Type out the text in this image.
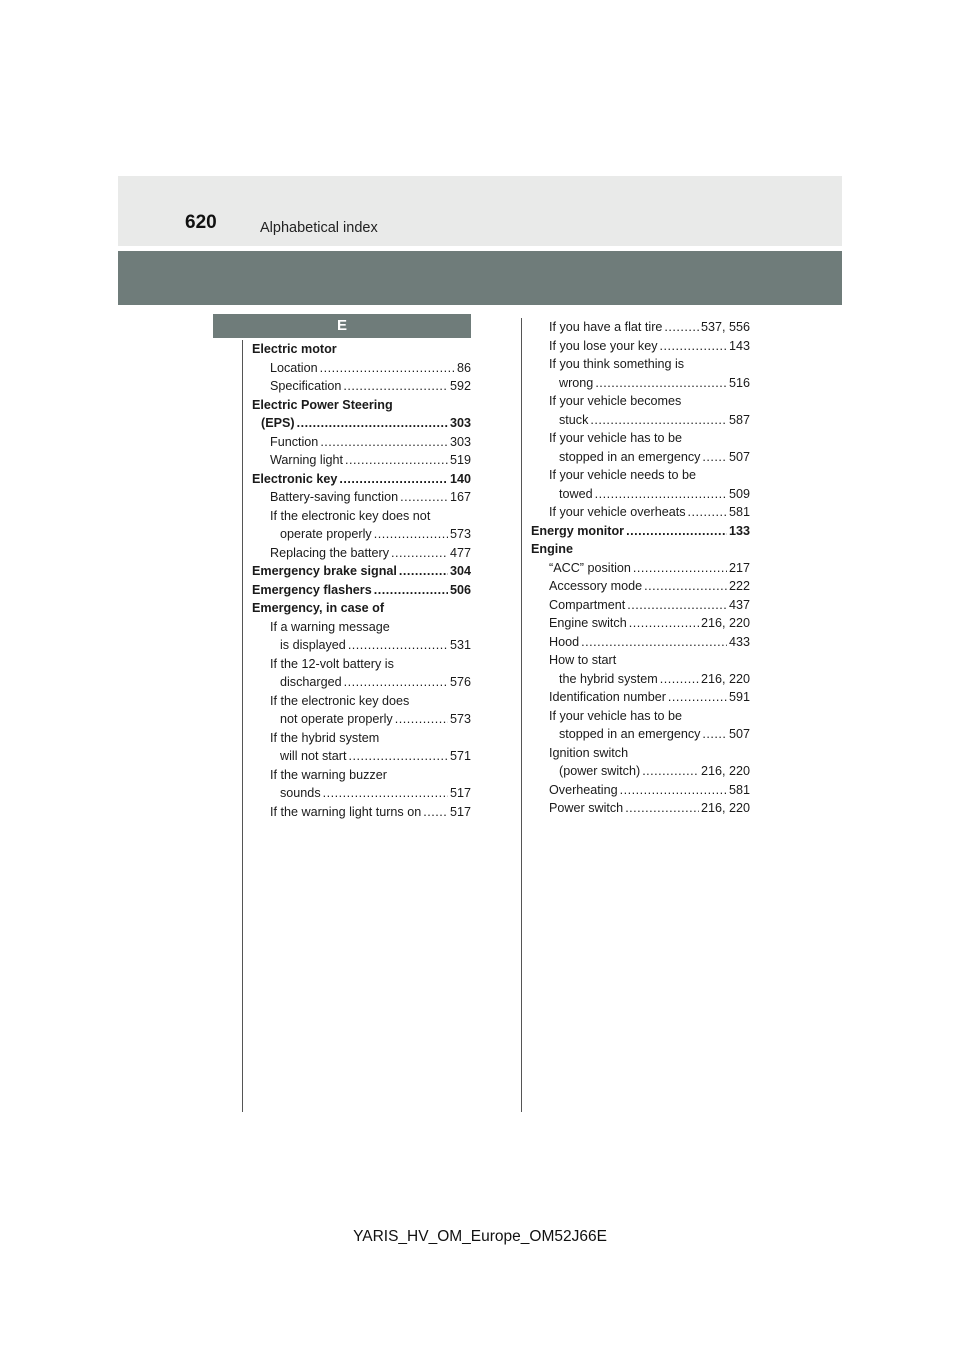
620	Alphabetical index
E
Electric motor
Location .....	86
Specification .....	592
Electric Power Steering
(EPS) .....	303
Function .....	303
Warning light .....	519
Electronic key .....	140
Battery-saving function .....	167
If the electronic key does not
operate properly .....	573
Replacing the battery .....	477
Emergency brake signal .....	304
Emergency flashers .....	506
Emergency, in case of
If a warning message
is displayed .....	531
If the 12-volt battery is
discharged .....	576
If the electronic key does
not operate properly .....	573
If the hybrid system
will not start .....	571
If the warning buzzer
sounds .....	517
If the warning light turns on ..... 517
If you have a flat tire .....	537, 556
If you lose your key .....	143
If you think something is
wrong .....	516
If your vehicle becomes
stuck .....	587
If your vehicle has to be
stopped in an emergency ..... 507
If your vehicle needs to be
towed .....	509
If your vehicle overheats .....	581
Energy monitor .....	133
Engine
“ACC” position .....	217
Accessory mode .....	222
Compartment .....	437
Engine switch .....	216, 220
Hood .....	433
How to start
the hybrid system .....	216, 220
Identification number .....	591
If your vehicle has to be
stopped in an emergency ..... 507
Ignition switch
(power switch) .....	216, 220
Overheating .....	581
Power switch .....	216, 220
YARIS_HV_OM_Europe_OM52J66E
